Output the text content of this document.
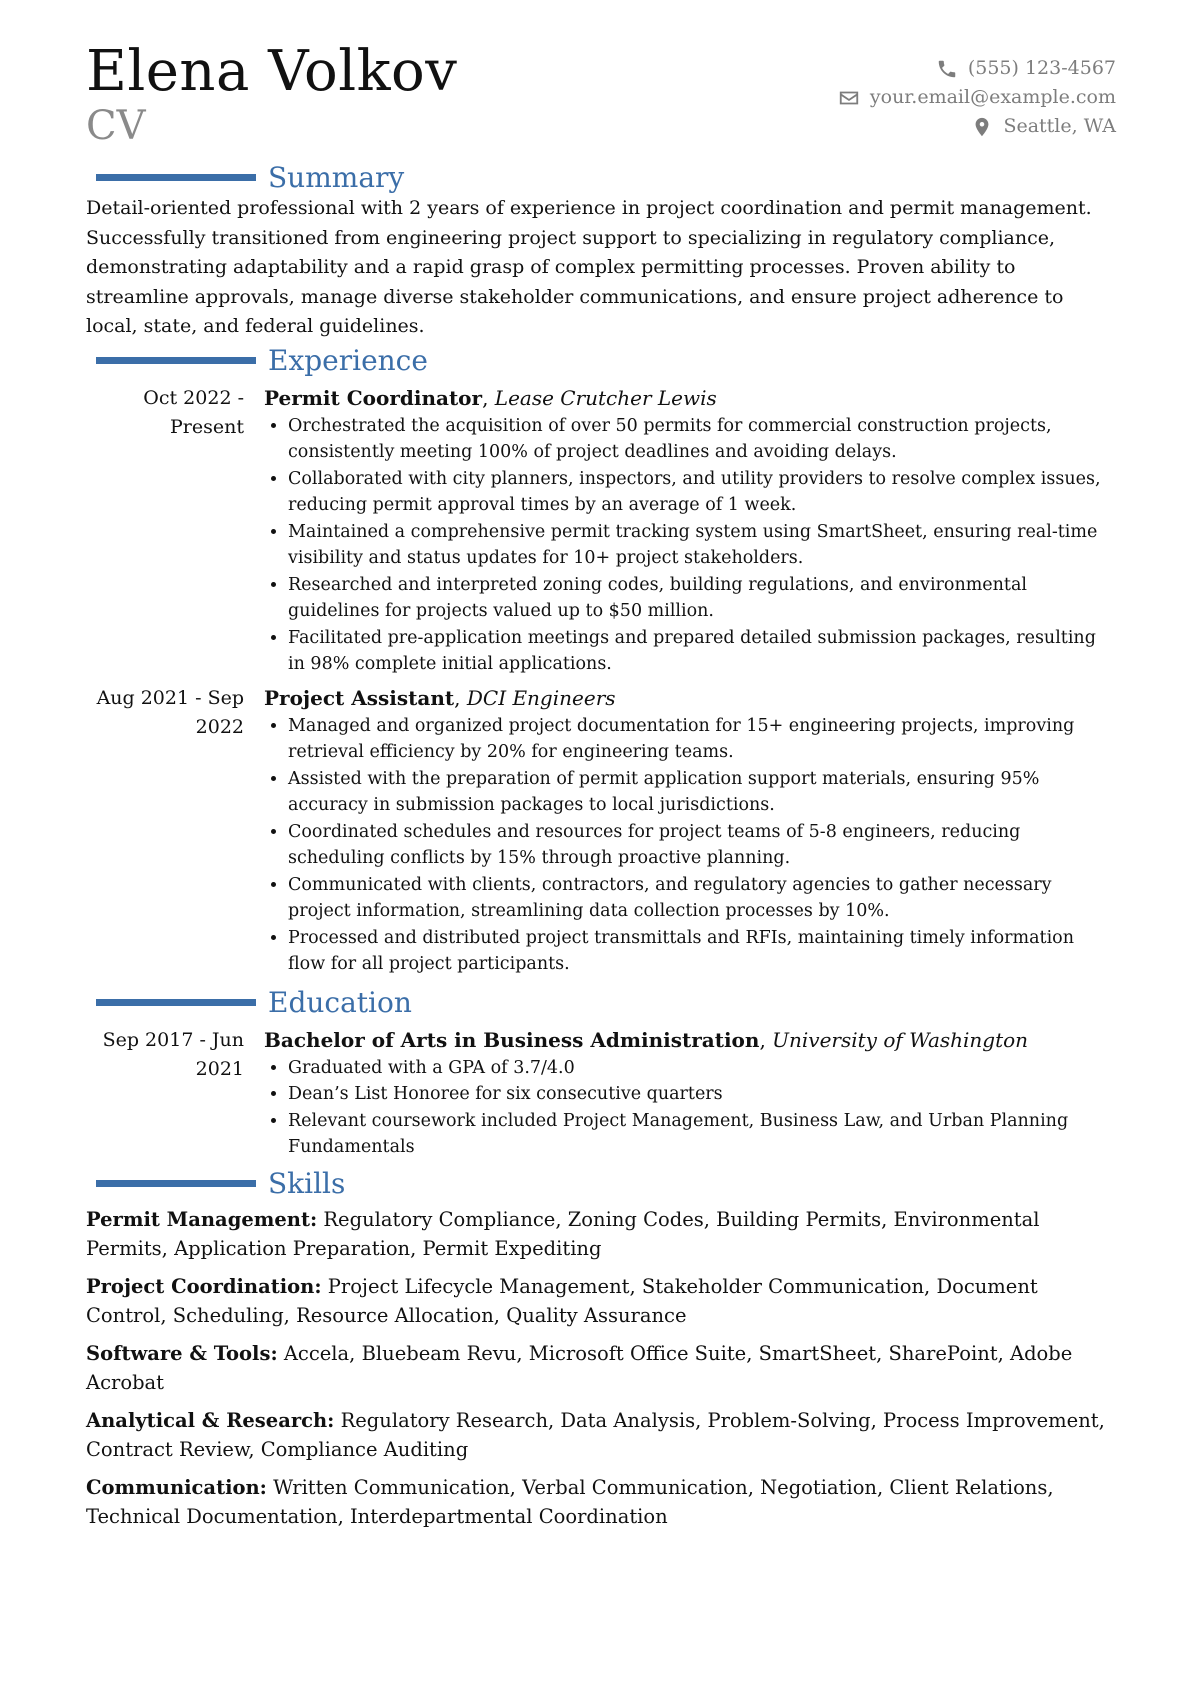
Elena Volkov
CV
(555) 123-4567
your.email@example.com
Seattle, WA
Summary

Detail-oriented professional with 2 years of experience in project coordination and permit management. Successfully transitioned from engineering project support to specializing in regulatory compliance, demonstrating adaptability and a rapid grasp of complex permitting processes. Proven ability to streamline approvals, manage diverse stakeholder communications, and ensure project adherence to local, state, and federal guidelines.

Experience
Oct 2022 - Present
Permit Coordinator, Lease Crutcher Lewis
• Orchestrated the acquisition of over 50 permits for commercial construction projects, consistently meeting 100% of project deadlines and avoiding delays.
• Collaborated with city planners, inspectors, and utility providers to resolve complex issues, reducing permit approval times by an average of 1 week.
• Maintained a comprehensive permit tracking system using SmartSheet, ensuring real-time visibility and status updates for 10+ project stakeholders.
• Researched and interpreted zoning codes, building regulations, and environmental guidelines for projects valued up to $50 million.
• Facilitated pre-application meetings and prepared detailed submission packages, resulting in 98% complete initial applications.
Aug 2021 - Sep 2022
Project Assistant, DCI Engineers
• Managed and organized project documentation for 15+ engineering projects, improving retrieval efficiency by 20% for engineering teams.
• Assisted with the preparation of permit application support materials, ensuring 95% accuracy in submission packages to local jurisdictions.
• Coordinated schedules and resources for project teams of 5-8 engineers, reducing scheduling conflicts by 15% through proactive planning.
• Communicated with clients, contractors, and regulatory agencies to gather necessary project information, streamlining data collection processes by 10%.
• Processed and distributed project transmittals and RFIs, maintaining timely information flow for all project participants.
Education
Sep 2017 - Jun 2021
Bachelor of Arts in Business Administration, University of Washington
• Graduated with a GPA of 3.7/4.0
• Dean’s List Honoree for six consecutive quarters
• Relevant coursework included Project Management, Business Law, and Urban Planning Fundamentals
Skills
Permit Management: Regulatory Compliance, Zoning Codes, Building Permits, Environmental Permits, Application Preparation, Permit Expediting
Project Coordination: Project Lifecycle Management, Stakeholder Communication, Document Control, Scheduling, Resource Allocation, Quality Assurance
Software & Tools: Accela, Bluebeam Revu, Microsoft Office Suite, SmartSheet, SharePoint, Adobe Acrobat
Analytical & Research: Regulatory Research, Data Analysis, Problem-Solving, Process Improvement, Contract Review, Compliance Auditing
Communication: Written Communication, Verbal Communication, Negotiation, Client Relations, Technical Documentation, Interdepartmental Coordination
